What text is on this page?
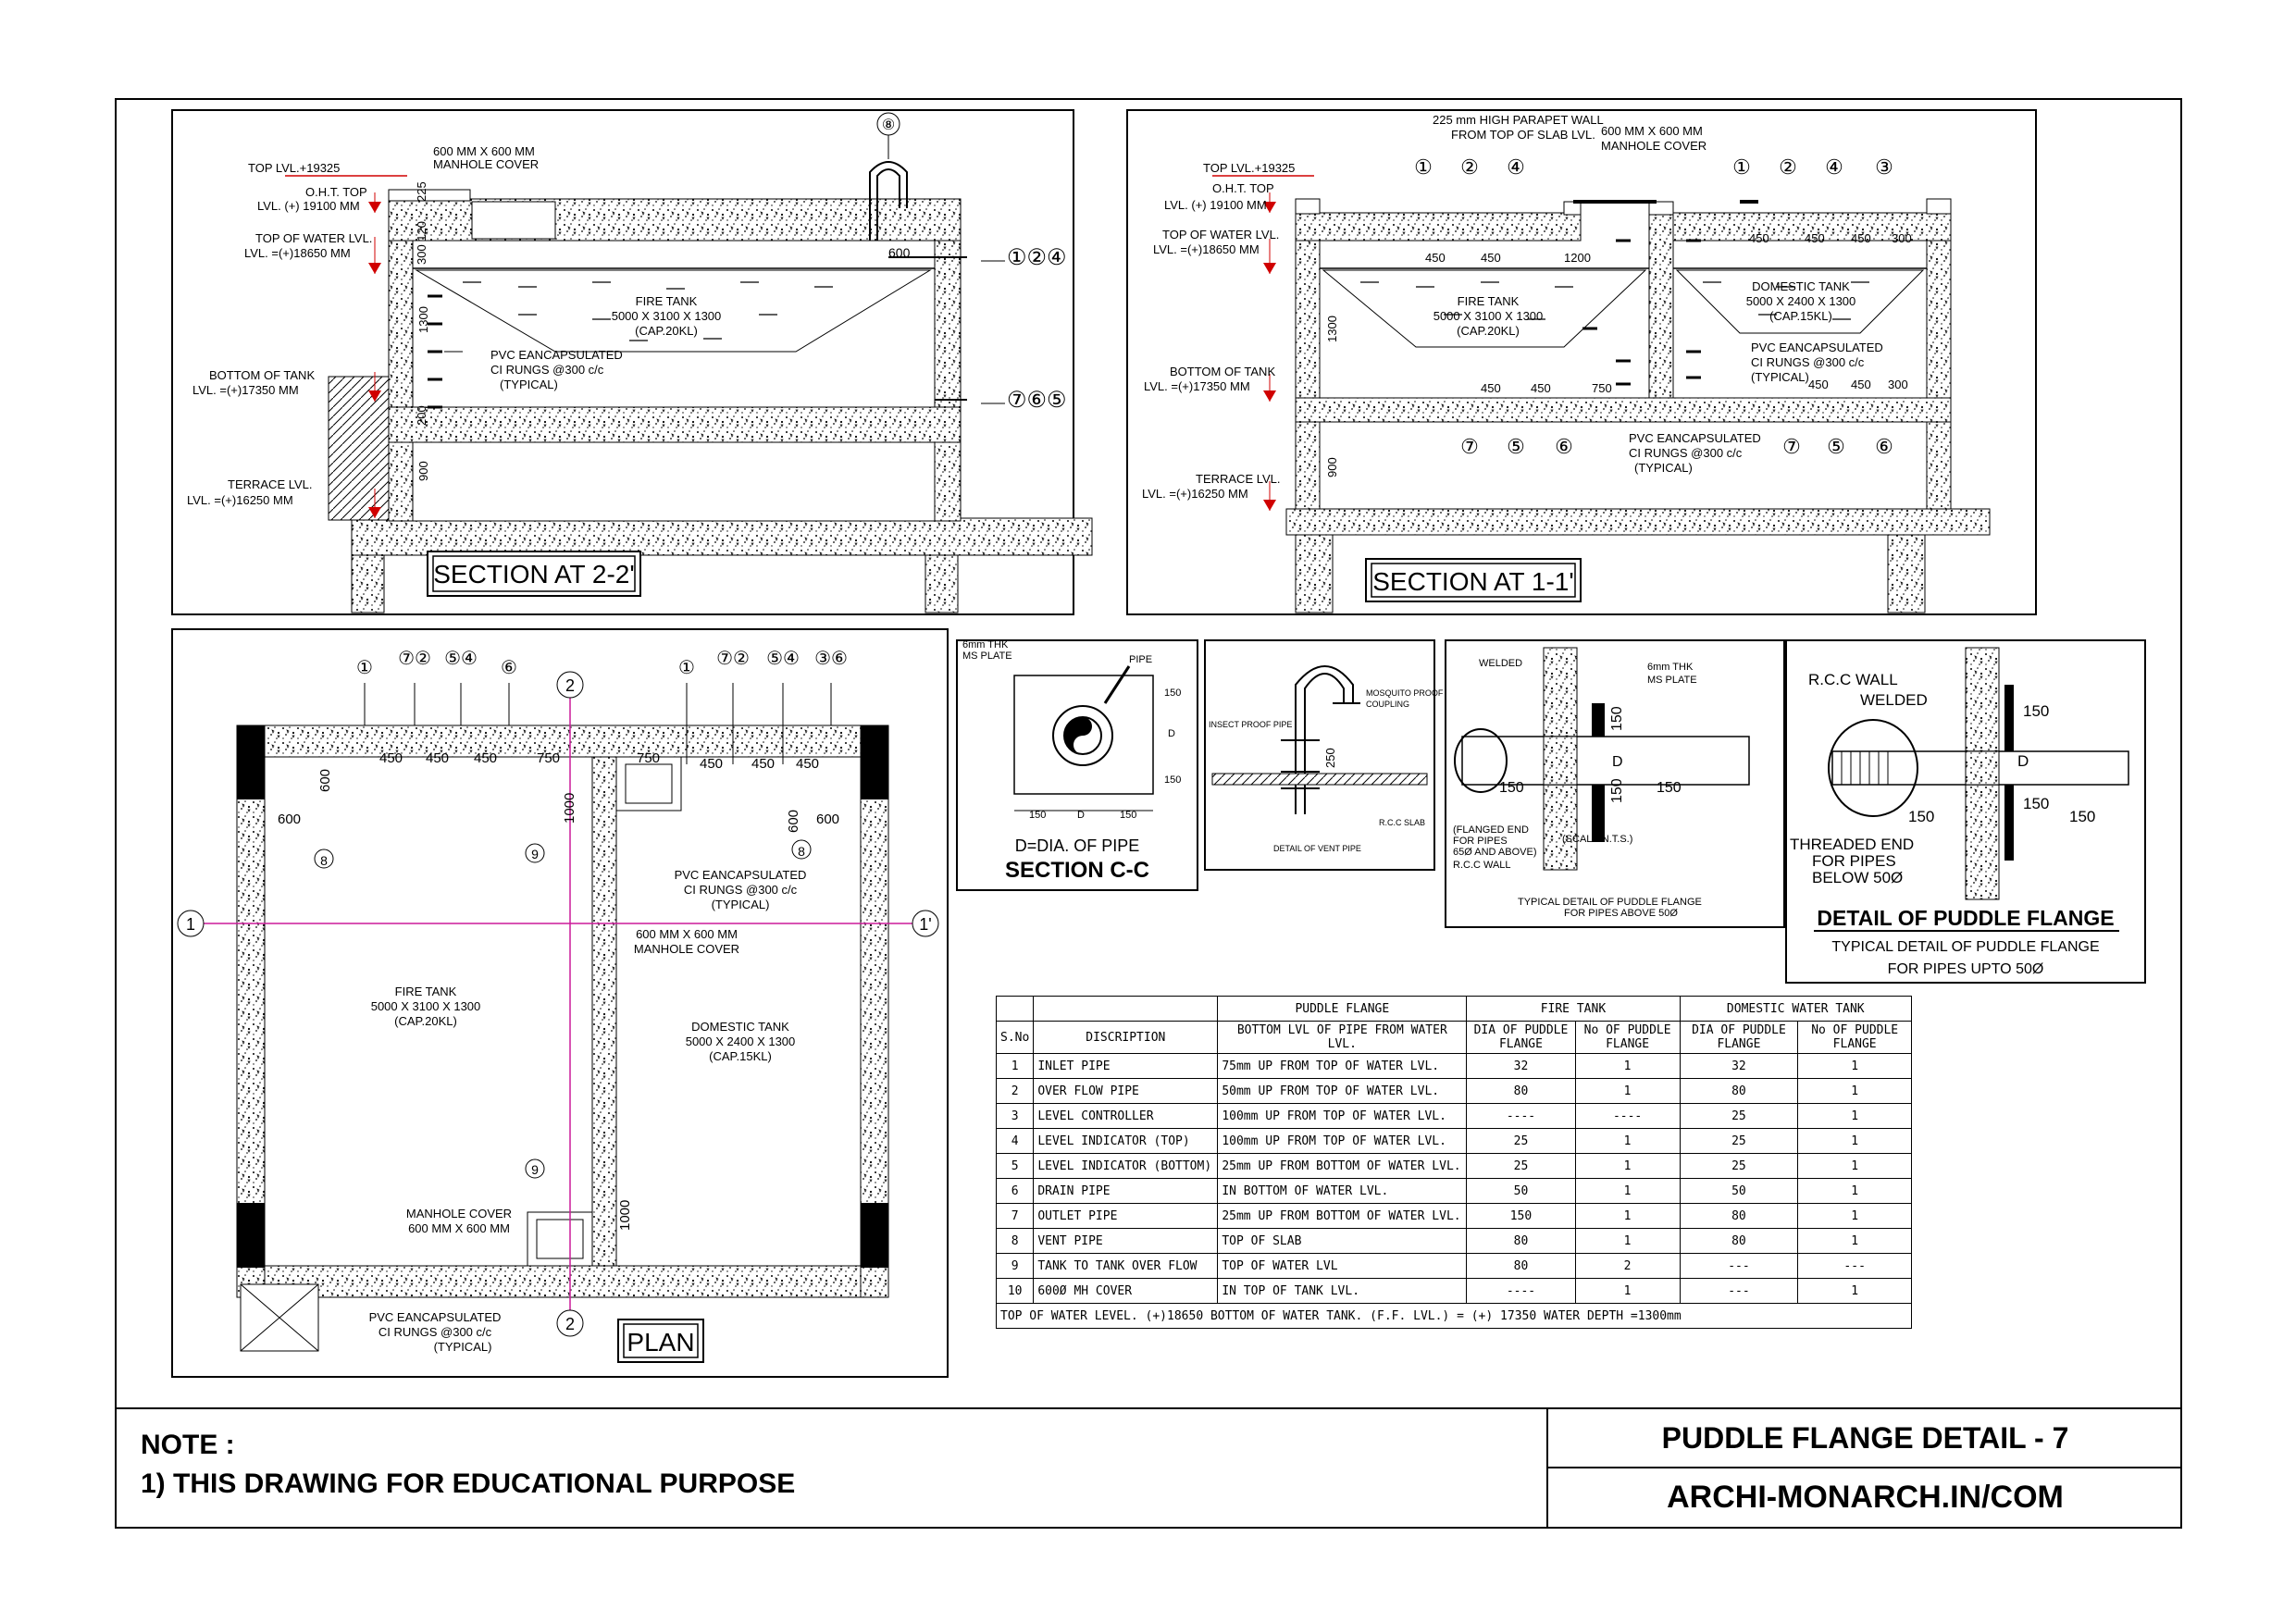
⑧
600	①②④
⑦⑥⑤
TOP LVL.+19325
O.H.T. TOP
LVL. (+) 19100 MM
TOP OF WATER LVL.
LVL. =(+)18650 MM
BOTTOM OF TANK
LVL. =(+)17350 MM
TERRACE LVL.
LVL. =(+)16250 MM
600 MM X 600 MM
MANHOLE COVER
FIRE TANK
5000 X 3100 X 1300
(CAP.20KL)
PVC EANCAPSULATED
CI RUNGS @300 c/c
(TYPICAL)
1300
900
200
225
300 120
SECTION AT 2-2'
225 mm HIGH PARAPET WALL
FROM TOP OF SLAB LVL. 600 MM X 600 MM
MANHOLE COVER
TOP LVL.+19325
O.H.T. TOP
LVL. (+) 19100 MM
TOP OF WATER LVL.
LVL. =(+)18650 MM
BOTTOM OF TANK
LVL. =(+)17350 MM
TERRACE LVL.
LVL. =(+)16250 MM
FIRE TANK
5000 X 3100 X 1300
(CAP.20KL)
DOMESTIC TANK
5000 X 2400 X 1300
(CAP.15KL)
PVC EANCAPSULATED
CI RUNGS @300 c/c
(TYPICAL)
PVC EANCAPSULATED
CI RUNGS @300 c/c
(TYPICAL)
1200
450	450
450	450 450 300
450 450	750	450 450 300
1300
900
① ② ④	① ② ④ ③
⑦ ⑤ ⑥	⑦ ⑤ ⑥
SECTION AT 1-1'
1	1'
2
2
① ⑦② ⑤④ ⑥	① ⑦② ⑤④ ③⑥
450 450 450	750	750	450 450 450
600	600
600
600
1000
1000
8
8
9
9
FIRE TANK
5000 X 3100 X 1300
(CAP.20KL)	DOMESTIC TANK
5000 X 2400 X 1300
(CAP.15KL)
PVC EANCAPSULATED
CI RUNGS @300 c/c
(TYPICAL)
600 MM X 600 MM
MANHOLE COVER
MANHOLE COVER
600 MM X 600 MM
PVC EANCAPSULATED
CI RUNGS @300 c/c
(TYPICAL)	PLAN
6mm THK
MS PLATE	PIPE
150	D	150
150
D
150
D=DIA. OF PIPE
SECTION C-C
INSECT PROOF PIPE
MOSQUITO PROOF
COUPLING
R.C.C SLAB
DETAIL OF VENT PIPE
250
WELDED	6mm THK
MS PLATE
(FLANGED END
FOR PIPES
65Ø AND ABOVE)
R.C.C WALL
(SCALE N.T.S.)
TYPICAL DETAIL OF PUDDLE FLANGE
FOR PIPES ABOVE 50Ø
150	150
150
150
D
R.C.C WALL
WELDED
THREADED END
FOR PIPES
BELOW 50Ø
150
150
150	150
D
DETAIL OF PUDDLE FLANGE
TYPICAL DETAIL OF PUDDLE FLANGE
FOR PIPES UPTO 50Ø
		PUDDLE FLANGE	FIRE TANK		DOMESTIC WATER TANK	
S.No	DISCRIPTION	BOTTOM LVL OF PIPE FROM WATER LVL.	DIA OF PUDDLE FLANGE	No OF PUDDLE FLANGE	DIA OF PUDDLE FLANGE	No OF PUDDLE FLANGE
1	INLET PIPE	75mm UP FROM TOP OF WATER LVL.	32	1	32	1
2	OVER FLOW PIPE	50mm UP FROM TOP OF WATER LVL.	80	1	80	1
3	LEVEL CONTROLLER	100mm UP FROM TOP OF WATER LVL.	----	----	25	1
4	LEVEL INDICATOR (TOP)	100mm UP FROM TOP OF WATER LVL.	25	1	25	1
5	LEVEL INDICATOR (BOTTOM)	25mm UP FROM BOTTOM OF WATER LVL.	25	1	25	1
6	DRAIN PIPE	IN BOTTOM OF WATER LVL.	50	1	50	1
7	OUTLET PIPE	25mm UP FROM BOTTOM OF WATER LVL.	150	1	80	1
8	VENT PIPE	TOP OF SLAB	80	1	80	1
9	TANK TO TANK OVER FLOW	TOP OF WATER LVL	80	2	---	---
10	600Ø MH COVER	IN TOP OF TANK LVL.	----	1	---	1
TOP OF WATER LEVEL. (+)18650 BOTTOM OF WATER TANK. (F.F. LVL.) = (+) 17350 WATER DEPTH =1300mm						
NOTE :
1) THIS DRAWING FOR EDUCATIONAL PURPOSE
PUDDLE FLANGE DETAIL - 7
ARCHI-MONARCH.IN/COM
